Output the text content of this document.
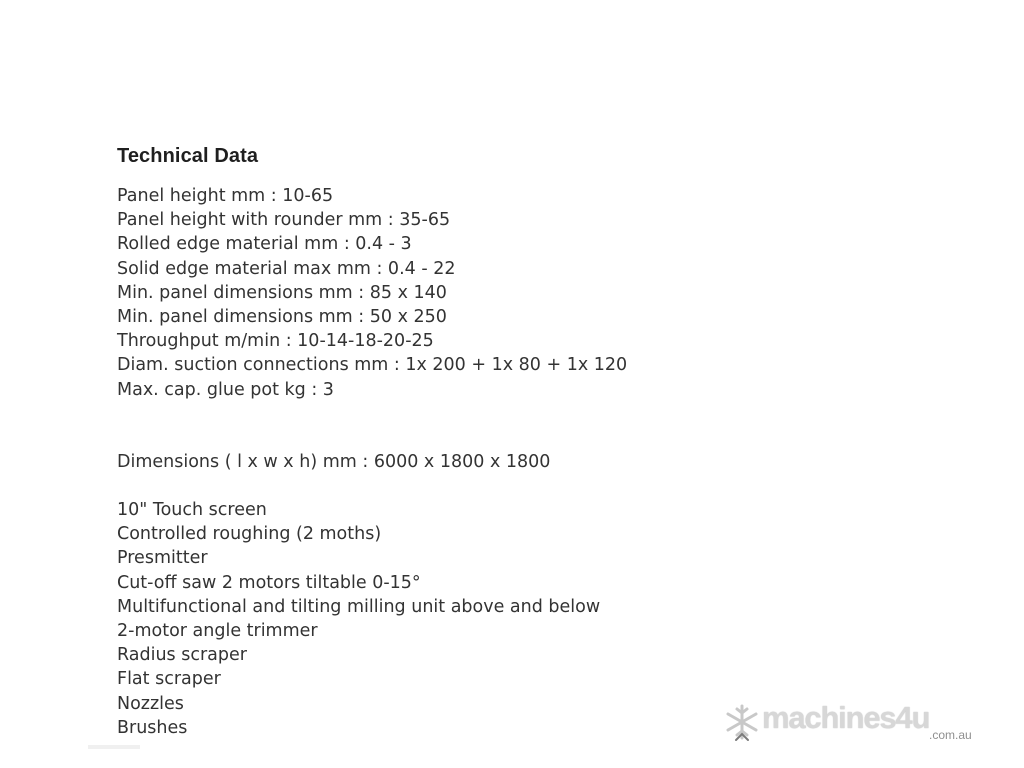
Technical Data
Panel height mm : 10-65
Panel height with rounder mm : 35-65
Rolled edge material mm : 0.4 - 3
Solid edge material max mm : 0.4 - 22
Min. panel dimensions mm : 85 x 140
Min. panel dimensions mm : 50 x 250
Throughput m/min : 10-14-18-20-25
Diam. suction connections mm : 1x 200 + 1x 80 + 1x 120
Max. cap. glue pot kg : 3
Dimensions ( l x w x h) mm : 6000 x 1800 x 1800
10" Touch screen
Controlled roughing (2 moths)
Presmitter
Cut-off saw 2 motors tiltable 0-15°
Multifunctional and tilting milling unit above and below
2-motor angle trimmer
Radius scraper
Flat scraper
Nozzles
Brushes	machines4u .com.au
